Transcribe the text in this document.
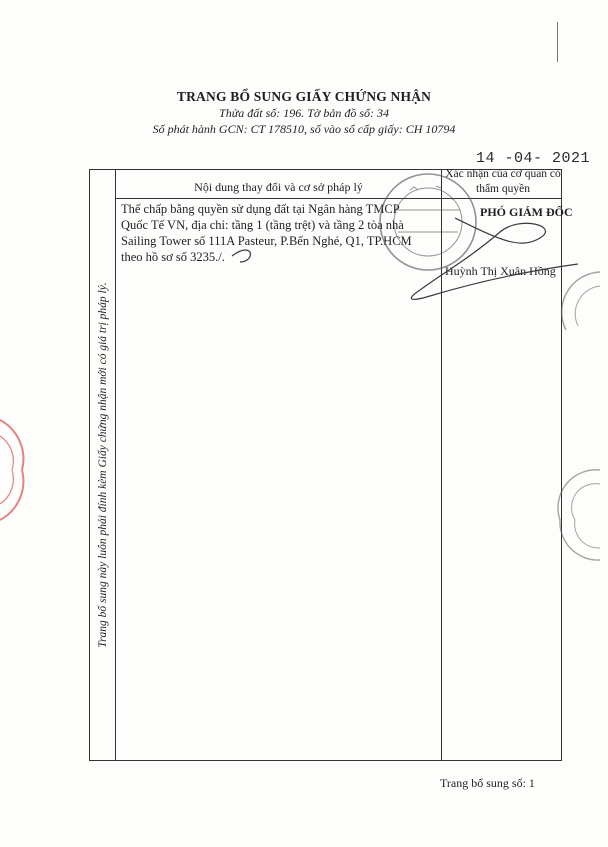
TRANG BỔ SUNG GIẤY CHỨNG NHẬN
Thửa đất số: 196. Tờ bản đồ số: 34
Số phát hành GCN: CT 178510, số vào sổ cấp giấy: CH 10794
14 -04- 2021
Nội dung thay đổi và cơ sở pháp lý
Xác nhận của cơ quan có thẩm quyền
Trang bổ sung này luôn phải đính kèm Giấy chứng nhận mới có giá trị pháp lý.
Thế chấp bằng quyền sử dụng đất tại Ngân hàng TMCP
Quốc Tế VN, địa chỉ: tầng 1 (tầng trệt) và tầng 2 tòa nhà
Sailing Tower số 111A Pasteur, P.Bến Nghé, Q1, TP.HCM
theo hồ sơ số 3235./.
PHÓ GIÁM ĐỐC
Huỳnh Thị Xuân Hồng
Trang bổ sung số: 1
